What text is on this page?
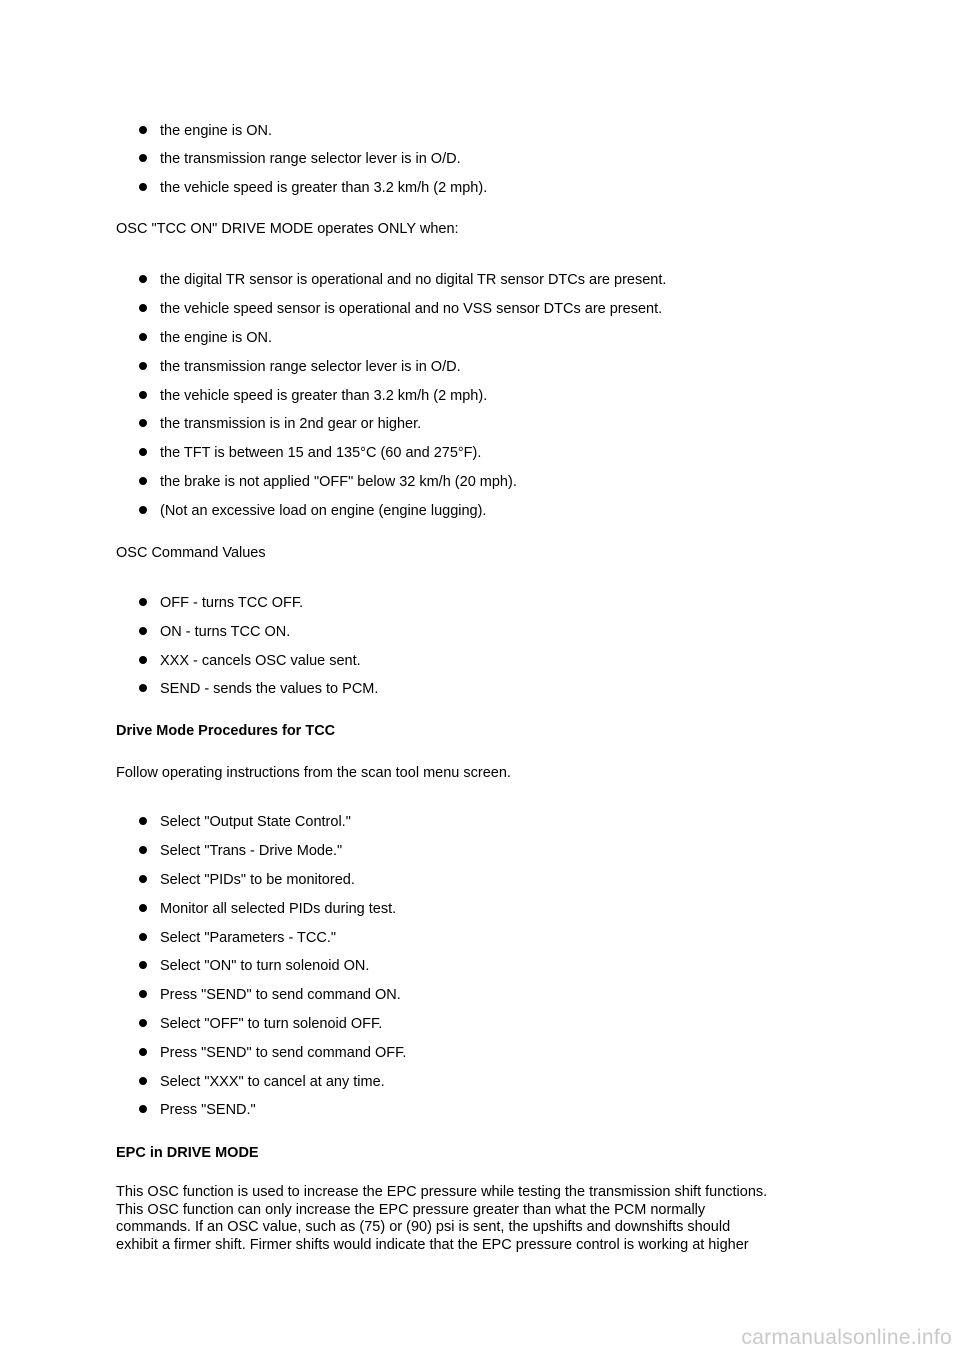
the engine is ON.
the transmission range selector lever is in O/D.
the vehicle speed is greater than 3.2 km/h (2 mph).
OSC "TCC ON" DRIVE MODE operates ONLY when:
the digital TR sensor is operational and no digital TR sensor DTCs are present.
the vehicle speed sensor is operational and no VSS sensor DTCs are present.
the engine is ON.
the transmission range selector lever is in O/D.
the vehicle speed is greater than 3.2 km/h (2 mph).
the transmission is in 2nd gear or higher.
the TFT is between 15 and 135°C (60 and 275°F).
the brake is not applied "OFF" below 32 km/h (20 mph).
(Not an excessive load on engine (engine lugging).
OSC Command Values
OFF - turns TCC OFF.
ON - turns TCC ON.
XXX - cancels OSC value sent.
SEND - sends the values to PCM.
Drive Mode Procedures for TCC
Follow operating instructions from the scan tool menu screen.
Select "Output State Control."
Select "Trans - Drive Mode."
Select "PIDs" to be monitored.
Monitor all selected PIDs during test.
Select "Parameters - TCC."
Select "ON" to turn solenoid ON.
Press "SEND" to send command ON.
Select "OFF" to turn solenoid OFF.
Press "SEND" to send command OFF.
Select "XXX" to cancel at any time.
Press "SEND."
EPC in DRIVE MODE
This OSC function is used to increase the EPC pressure while testing the transmission shift functions.
This OSC function can only increase the EPC pressure greater than what the PCM normally
commands. If an OSC value, such as (75) or (90) psi is sent, the upshifts and downshifts should
exhibit a firmer shift. Firmer shifts would indicate that the EPC pressure control is working at higher
carmanualsonline.info
